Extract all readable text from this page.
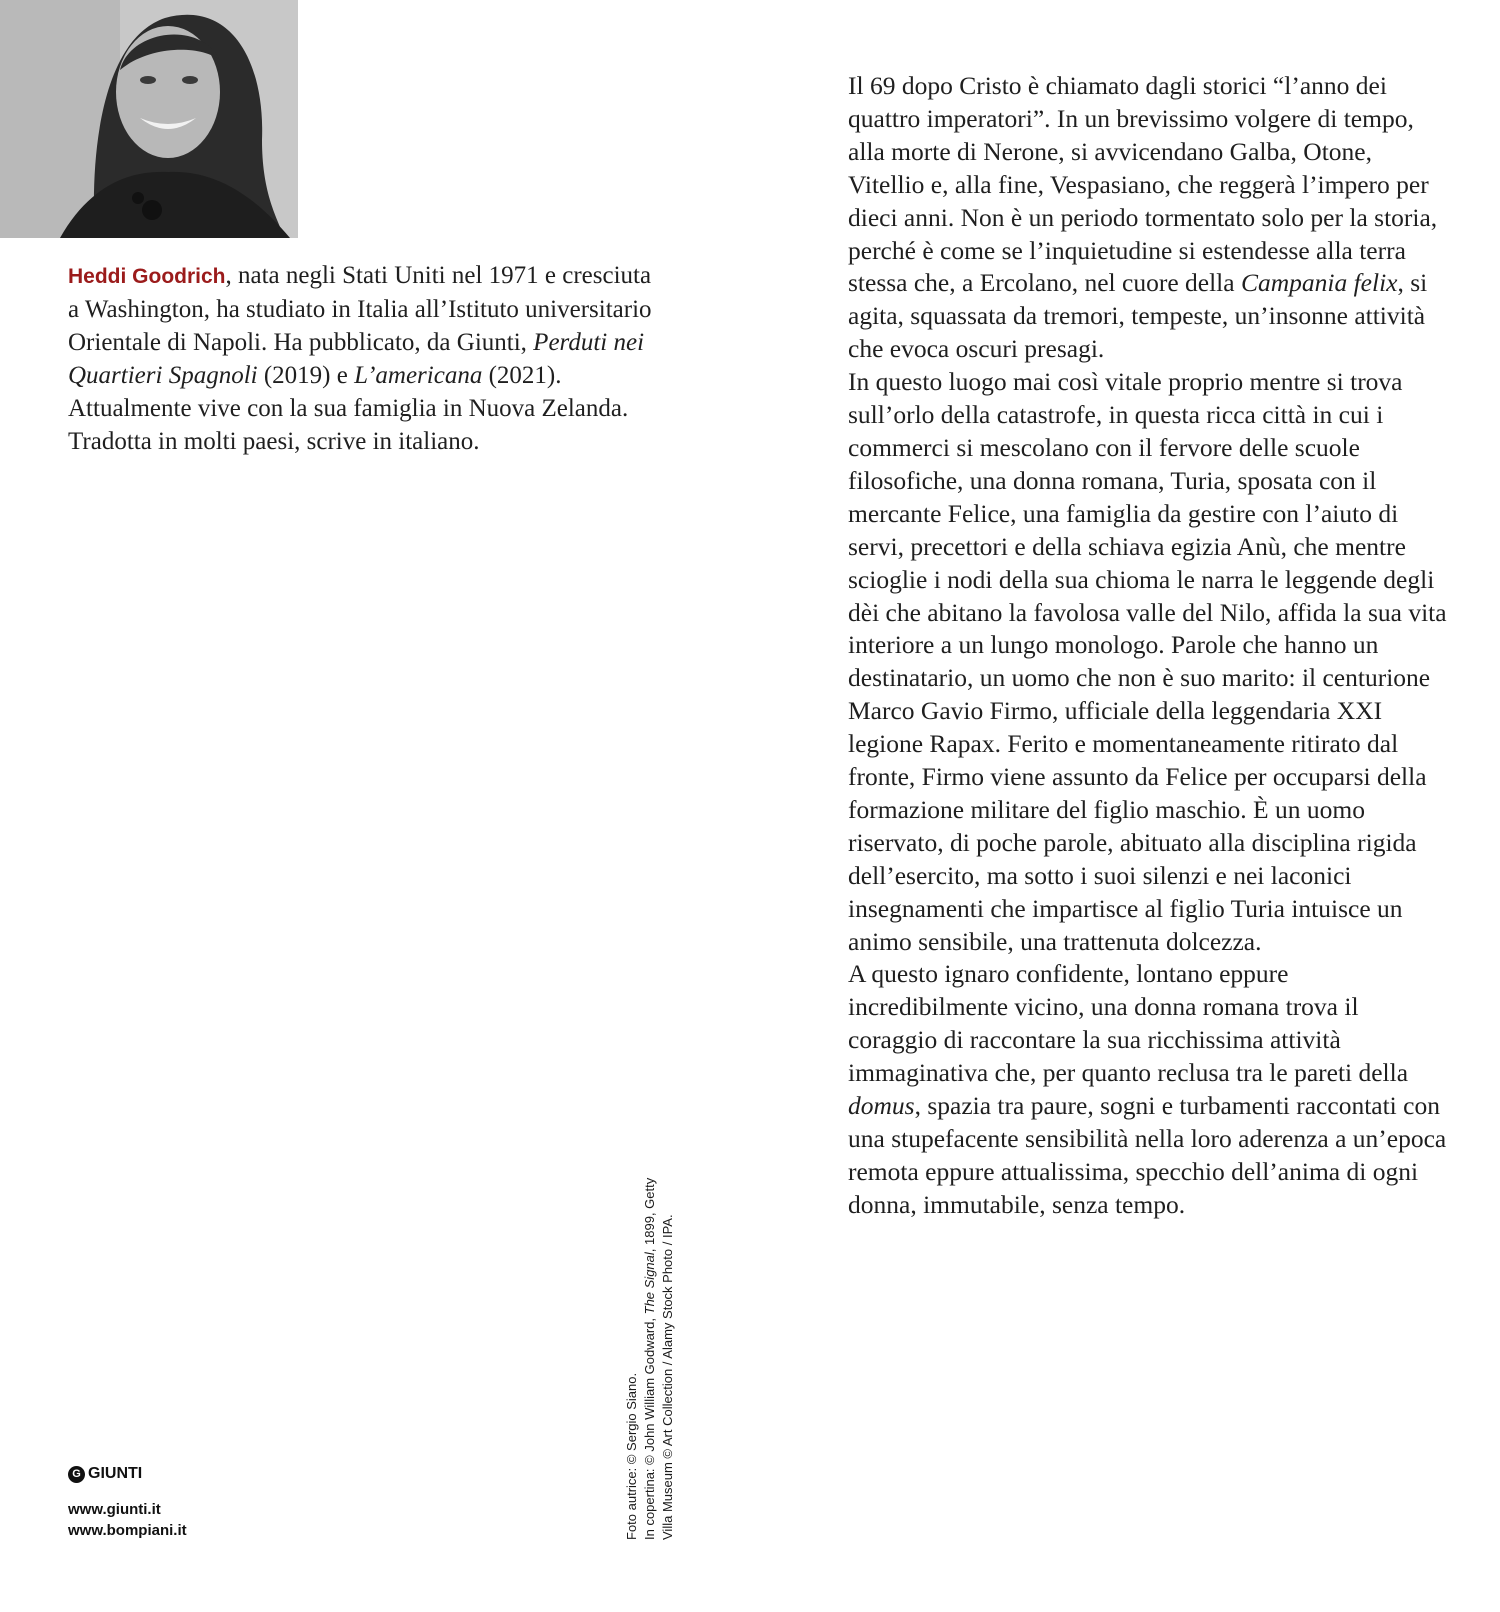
Heddi Goodrich, nata negli Stati Uniti nel 1971 e cresciuta a Washington, ha studiato in Italia all’Istituto universitario Orientale di Napoli. Ha pubblicato, da Giunti, Perduti nei Quartieri Spagnoli (2019) e L’americana (2021). Attualmente vive con la sua famiglia in Nuova Zelanda. Tradotta in molti paesi, scrive in italiano.

Il 69 dopo Cristo è chiamato dagli storici “l’anno dei quattro imperatori”. In un brevissimo volgere di tempo, alla morte di Nerone, si avvicendano Galba, Otone, Vitellio e, alla fine, Vespasiano, che reggerà l’impero per dieci anni. Non è un periodo tormentato solo per la storia, perché è come se l’inquietudine si estendesse alla terra stessa che, a Ercolano, nel cuore della Campania felix, si agita, squassata da tremori, tempeste, un’insonne attività che evoca oscuri presagi.
In questo luogo mai così vitale proprio mentre si trova sull’orlo della catastrofe, in questa ricca città in cui i commerci si mescolano con il fervore delle scuole filosofiche, una donna romana, Turia, sposata con il mercante Felice, una famiglia da gestire con l’aiuto di servi, precettori e della schiava egizia Anù, che mentre scioglie i nodi della sua chioma le narra le leggende degli dèi che abitano la favolosa valle del Nilo, affida la sua vita interiore a un lungo monologo. Parole che hanno un destinatario, un uomo che non è suo marito: il centurione Marco Gavio Firmo, ufficiale della leggendaria XXI legione Rapax. Ferito e momentaneamente ritirato dal fronte, Firmo viene assunto da Felice per occuparsi della formazione militare del figlio maschio. È un uomo riservato, di poche parole, abituato alla disciplina rigida dell’esercito, ma sotto i suoi silenzi e nei laconici insegnamenti che impartisce al figlio Turia intuisce un animo sensibile, una trattenuta dolcezza.
A questo ignaro confidente, lontano eppure incredibilmente vicino, una donna romana trova il coraggio di raccontare la sua ricchissima attività immaginativa che, per quanto reclusa tra le pareti della domus, spazia tra paure, sogni e turbamenti raccontati con una stupefacente sensibilità nella loro aderenza a un’epoca remota eppure attualissima, specchio dell’anima di ogni donna, immutabile, senza tempo.
Foto autrice: © Sergio Siano. In copertina: © John William Godward, The Signal, 1899, Getty Villa Museum © Art Collection / Alamy Stock Photo / IPA.
G GIUNTI
www.giunti.it
www.bompiani.it
